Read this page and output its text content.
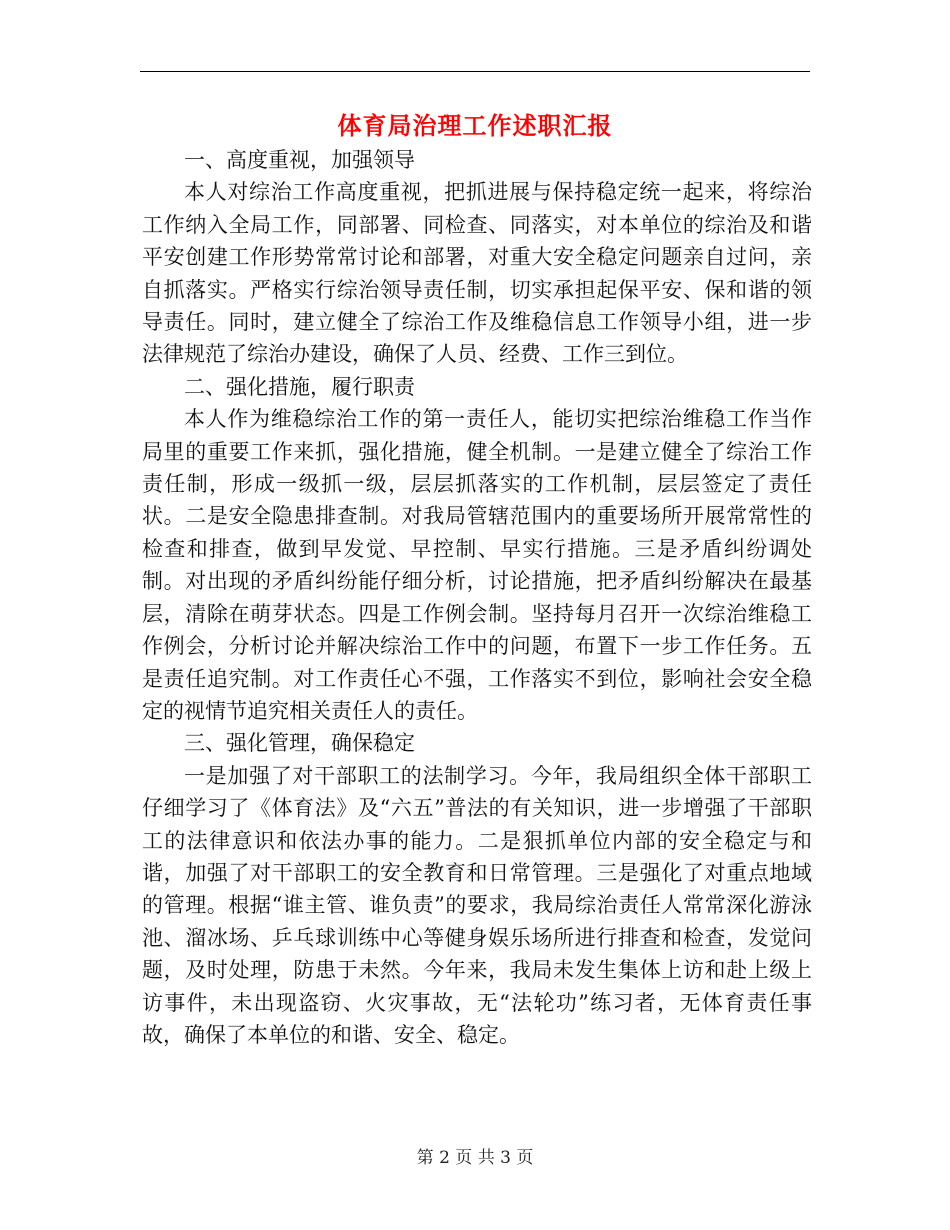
体育局治理工作述职汇报

一、高度重视，加强领导

本人对综治工作高度重视，把抓进展与保持稳定统一起来，将综治工作纳入全局工作，同部署、同检查、同落实，对本单位的综治及和谐平安创建工作形势常常讨论和部署，对重大安全稳定问题亲自过问，亲自抓落实。严格实行综治领导责任制，切实承担起保平安、保和谐的领导责任。同时，建立健全了综治工作及维稳信息工作领导小组，进一步法律规范了综治办建设，确保了人员、经费、工作三到位。

二、强化措施，履行职责

本人作为维稳综治工作的第一责任人，能切实把综治维稳工作当作局里的重要工作来抓，强化措施，健全机制。一是建立健全了综治工作责任制，形成一级抓一级，层层抓落实的工作机制，层层签定了责任状。二是安全隐患排查制。对我局管辖范围内的重要场所开展常常性的检查和排查，做到早发觉、早控制、早实行措施。三是矛盾纠纷调处制。对出现的矛盾纠纷能仔细分析，讨论措施，把矛盾纠纷解决在最基层，清除在萌芽状态。四是工作例会制。坚持每月召开一次综治维稳工作例会，分析讨论并解决综治工作中的问题，布置下一步工作任务。五是责任追究制。对工作责任心不强，工作落实不到位，影响社会安全稳定的视情节追究相关责任人的责任。

三、强化管理，确保稳定

一是加强了对干部职工的法制学习。今年，我局组织全体干部职工仔细学习了《体育法》及“六五”普法的有关知识，进一步增强了干部职工的法律意识和依法办事的能力。二是狠抓单位内部的安全稳定与和谐，加强了对干部职工的安全教育和日常管理。三是强化了对重点地域的管理。根据“谁主管、谁负责”的要求，我局综治责任人常常深化游泳池、溜冰场、乒乓球训练中心等健身娱乐场所进行排查和检查，发觉问题，及时处理，防患于未然。今年来，我局未发生集体上访和赴上级上访事件，未出现盗窃、火灾事故，无“法轮功”练习者，无体育责任事故，确保了本单位的和谐、安全、稳定。

第 2 页 共 3 页
